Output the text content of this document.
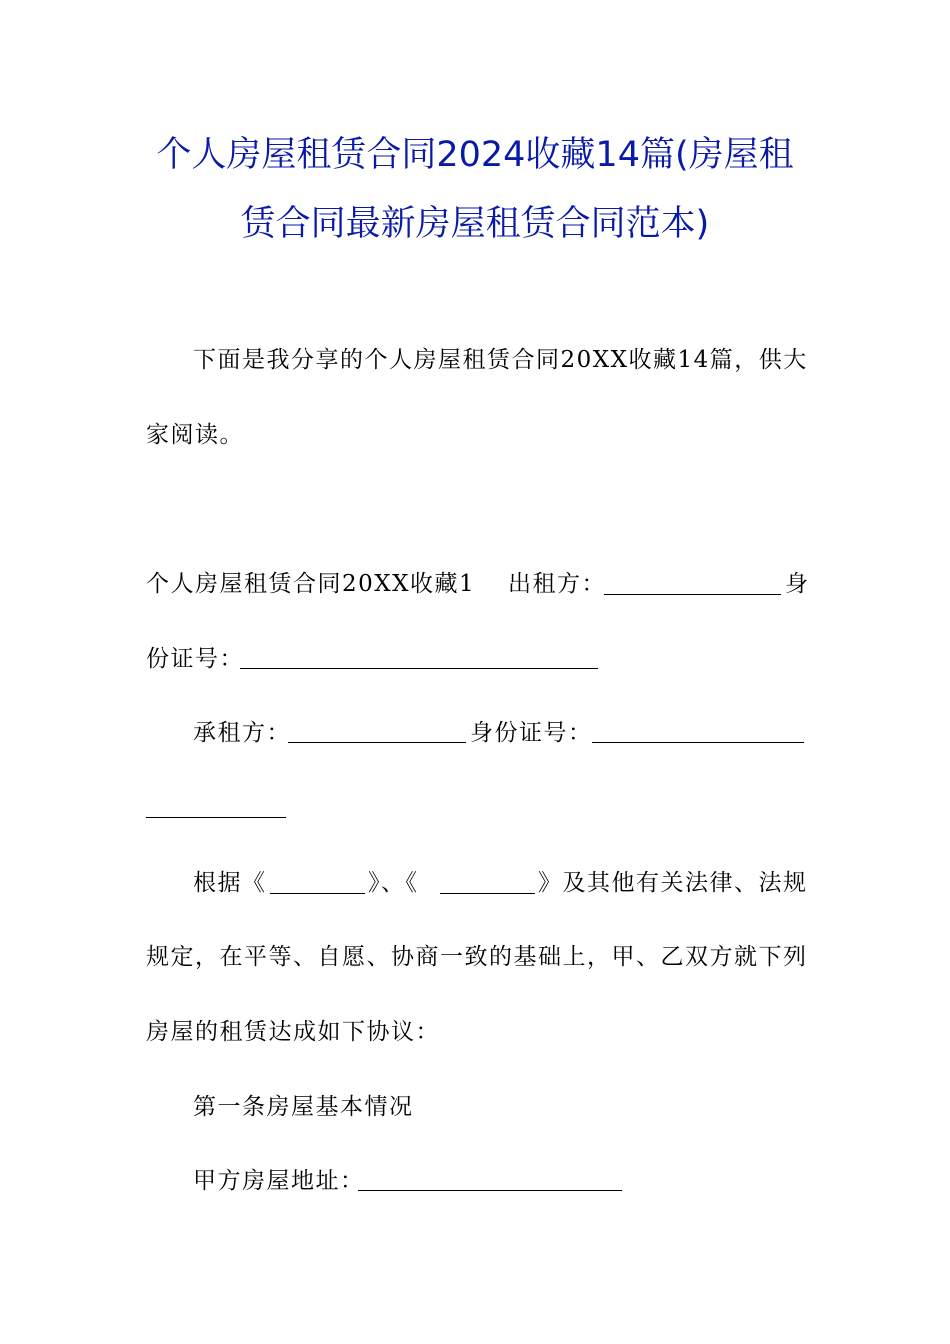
个人房屋租赁合同2024收藏14篇(房屋租
赁合同最新房屋租赁合同范本)
下面是我分享的个人房屋租赁合同20XX收藏14篇，供大
家阅读。
个人房屋租赁合同20XX收藏1 出租方：	身
份证号：
承租方：	身份证号：
根据《	》、《	》及其他有关法律、法规
规定，在平等、自愿、协商一致的基础上，甲、乙双方就下列
房屋的租赁达成如下协议：
第一条房屋基本情况
甲方房屋地址：
